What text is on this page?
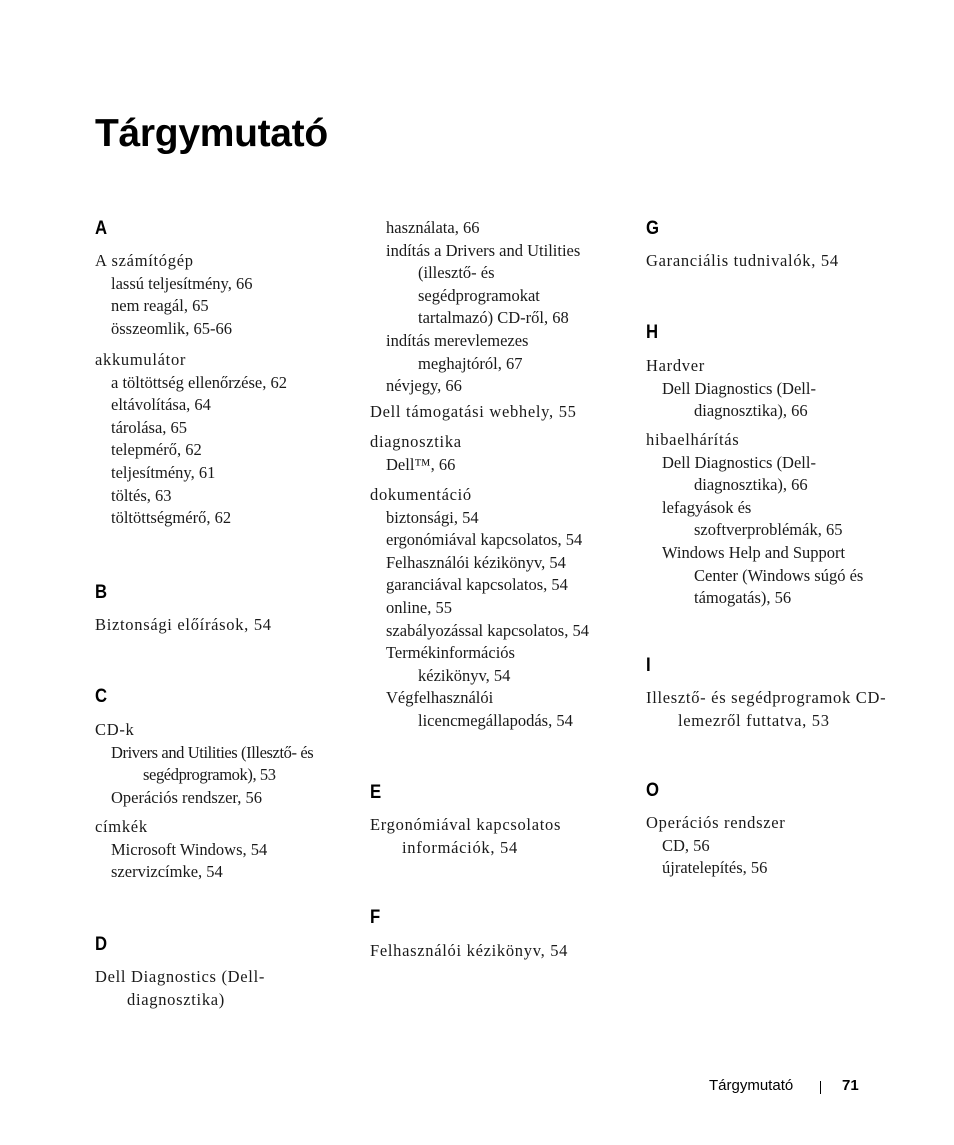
Tárgymutató
A
A számítógép
lassú teljesítmény, 66
nem reagál, 65
összeomlik, 65-66
akkumulátor
a töltöttség ellenőrzése, 62
eltávolítása, 64
tárolása, 65
telepmérő, 62
teljesítmény, 61
töltés, 63
töltöttségmérő, 62
B
Biztonsági előírások, 54
C
CD-k
Drivers and Utilities (Illesztő- és segédprogramok), 53
Operációs rendszer, 56
címkék
Microsoft Windows, 54
szervizcímke, 54
D
Dell Diagnostics (Dell-diagnosztika)
használata, 66
indítás a Drivers and Utilities (illesztő- és segédprogramokat tartalmazó) CD-ről, 68
indítás merevlemezes meghajtóról, 67
névjegy, 66
Dell támogatási webhely, 55
diagnosztika
Dell™, 66
dokumentáció
biztonsági, 54
ergonómiával kapcsolatos, 54
Felhasználói kézikönyv, 54
garanciával kapcsolatos, 54
online, 55
szabályozással kapcsolatos, 54
Termékinformációs kézikönyv, 54
Végfelhasználói licencmegállapodás, 54
E
Ergonómiával kapcsolatos információk, 54
F
Felhasználói kézikönyv, 54
G
Garanciális tudnivalók, 54
H
Hardver
Dell Diagnostics (Dell-diagnosztika), 66
hibaelhárítás
Dell Diagnostics (Dell-diagnosztika), 66
lefagyások és szoftverproblémák, 65
Windows Help and Support Center (Windows súgó és támogatás), 56
I
Illesztő- és segédprogramok CD-lemezről futtatva, 53
O
Operációs rendszer
CD, 56
újratelepítés, 56
Tárgymutató	71
